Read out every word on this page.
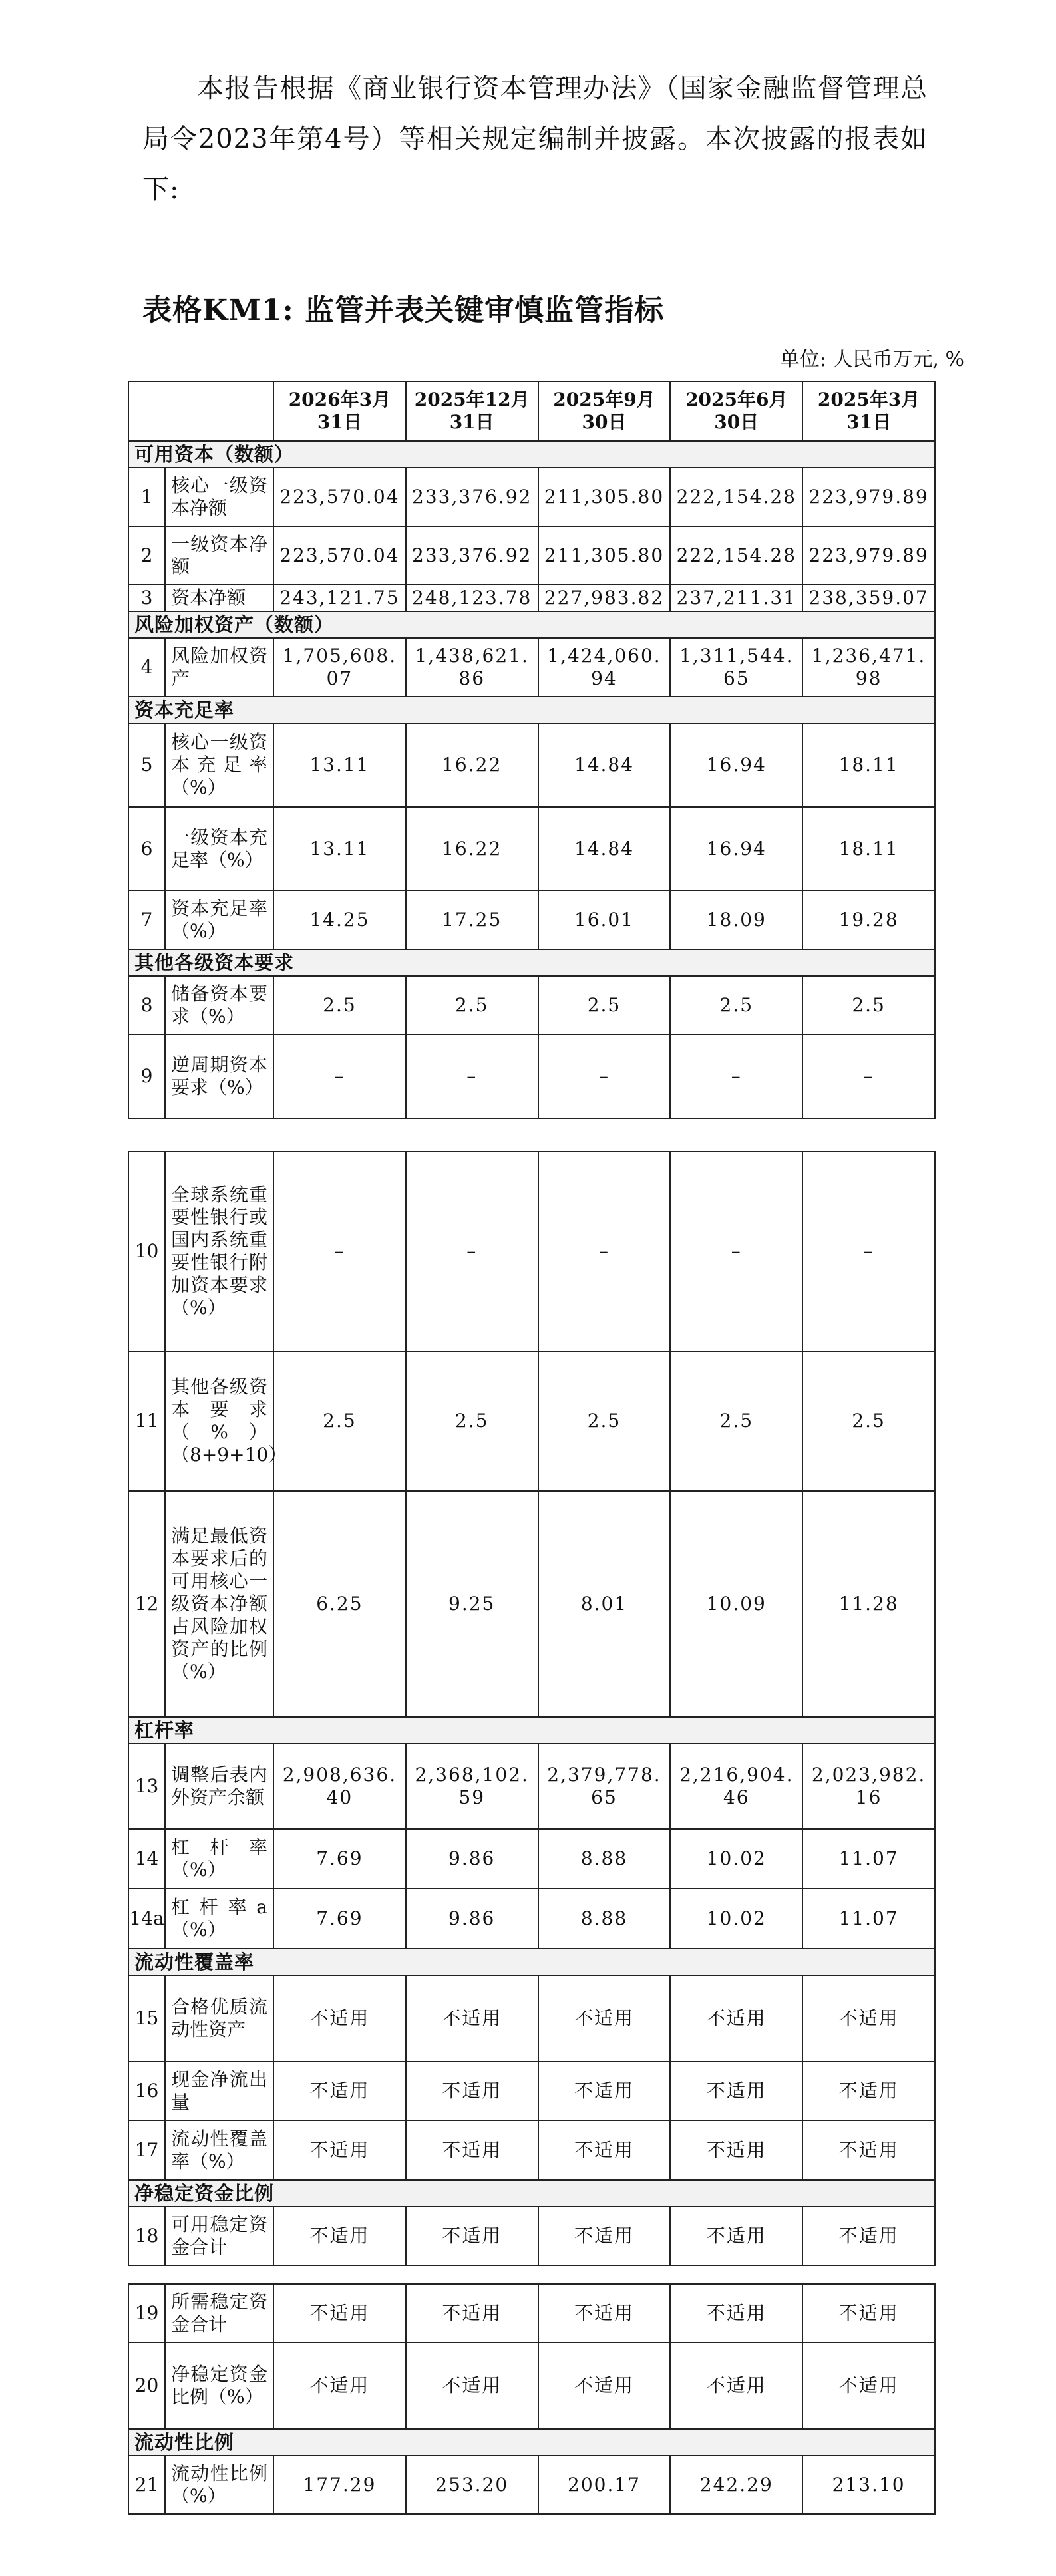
本报告根据《商业银行资本管理办法》（国家金融监督管理总局令2023年第4号）等相关规定编制并披露。本次披露的报表如下:
表格KM1: 监管并表关键审慎监管指标
单位: 人民币万元, %
		2026年3月31日	2025年12月31日	2025年9月30日	2025年6月30日	2025年3月31日
可用资本（数额）						
1	核心一级资本净额	223,570.04	233,376.92	211,305.80	222,154.28	223,979.89
2	一级资本净额	223,570.04	233,376.92	211,305.80	222,154.28	223,979.89
3	资本净额	243,121.75	248,123.78	227,983.82	237,211.31	238,359.07
风险加权资产（数额）						
4	风险加权资产	1,705,608.07	1,438,621.86	1,424,060.94	1,311,544.65	1,236,471.98
资本充足率						
5	核心一级资本充足率（%）	13.11	16.22	14.84	16.94	18.11
6	一级资本充足率（%）	13.11	16.22	14.84	16.94	18.11
7	资本充足率（%）	14.25	17.25	16.01	18.09	19.28
其他各级资本要求						
8	储备资本要求（%）	2.5	2.5	2.5	2.5	2.5
9	逆周期资本要求（%）	–	–	–	–	–
10	全球系统重要性银行或国内系统重要性银行附加资本要求（%）	–	–	–	–	–
11	其他各级资本要求（%）（8+9+10）	2.5	2.5	2.5	2.5	2.5
12	满足最低资本要求后的可用核心一级资本净额占风险加权资产的比例（%）	6.25	9.25	8.01	10.09	11.28
杠杆率						
13	调整后表内外资产余额	2,908,636.40	2,368,102.59	2,379,778.65	2,216,904.46	2,023,982.16
14	杠杆率（%）	7.69	9.86	8.88	10.02	11.07
14a	杠杆率a（%）	7.69	9.86	8.88	10.02	11.07
流动性覆盖率						
15	合格优质流动性资产	不适用	不适用	不适用	不适用	不适用
16	现金净流出量	不适用	不适用	不适用	不适用	不适用
17	流动性覆盖率（%）	不适用	不适用	不适用	不适用	不适用
净稳定资金比例						
18	可用稳定资金合计	不适用	不适用	不适用	不适用	不适用
19	所需稳定资金合计	不适用	不适用	不适用	不适用	不适用
20	净稳定资金比例（%）	不适用	不适用	不适用	不适用	不适用
流动性比例						
21	流动性比例（%）	177.29	253.20	200.17	242.29	213.10
